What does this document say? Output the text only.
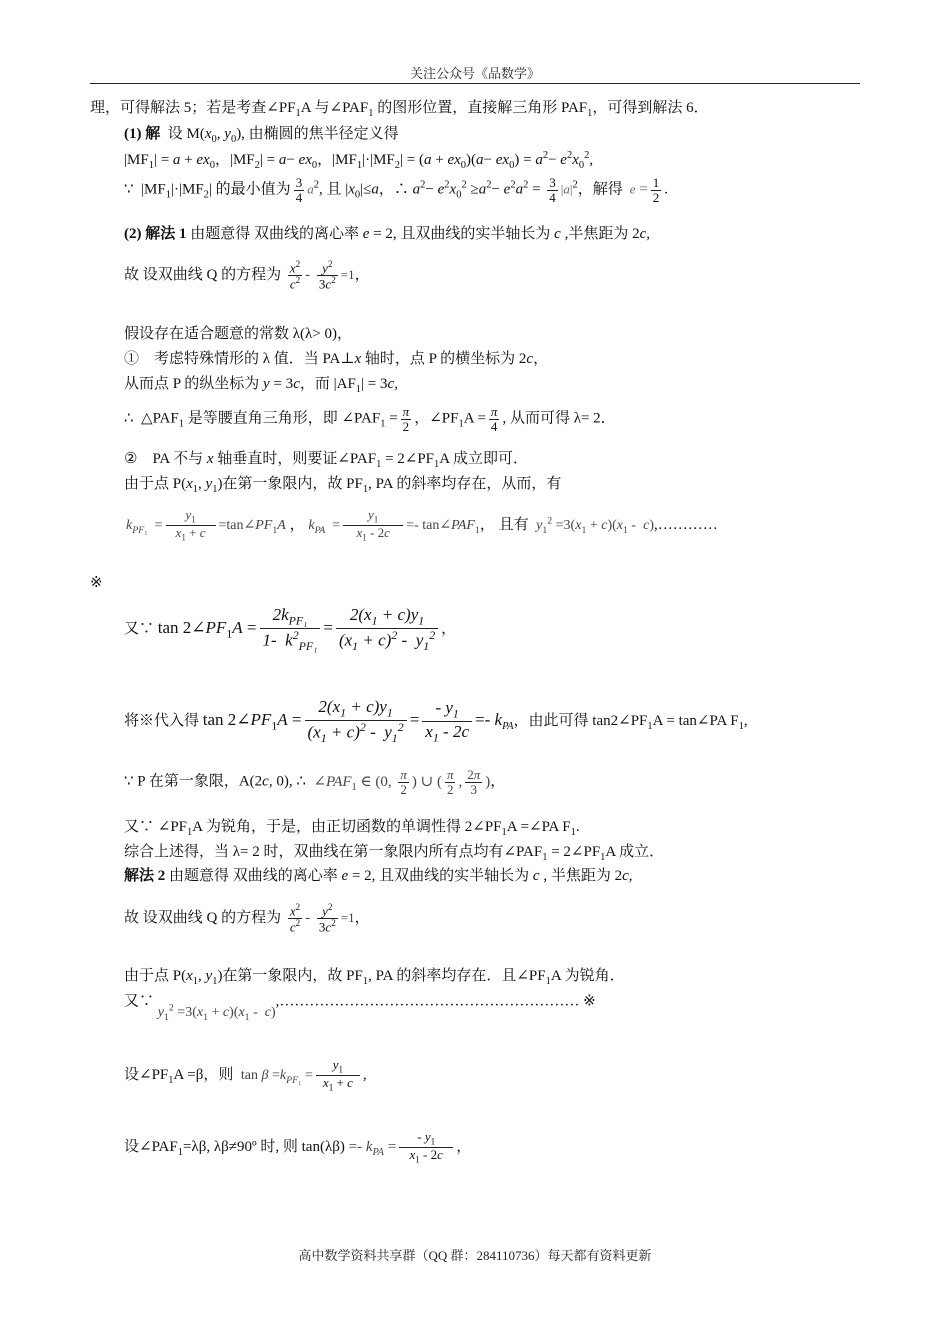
关注公众号《品数学》
理，可得解法 5；若是考查$\angle PF_1A$ 与$\angle PAF_1$ 的图形位置，直接解三角形 $PAF_1$，可得到解法 6．
(1) 解  设 $M(x_0$, $y_0$), 由椭圆的焦半径定义得
$|MF_1| = a + ex_0$，$|MF_2| = a- ex_0$，$|MF_1|\cdot|MF_2| = (a + ex_0)(a- ex_0) = a^2- e^2x_0^2$,
∵  $|MF_1|\cdot|MF_2|$ 的最小值为 $\frac{3}{4} a^2$, 且 $|x_0|\le a$，∴ $a^2- e^2x_0^2 \ge a^2- e^2a^2 = \frac{3}{4} |a|^2$，解得  $e = \frac{1}{2}$ .
(2) 解法 1 由题意得 双曲线的离心率 e = 2, 且双曲线的实半轴长为 c ,半焦距为 2c,
故 设双曲线 Q 的方程为 $\frac{x^2}{c^2} - \frac{y^2}{3c^2} =1$，
假设存在适合题意的常数 λ(λ> 0)，
①    考虑特殊情形的 λ 值．当 PA⊥x 轴时，点 P 的横坐标为 2c，
从而点 P 的纵坐标为 y = 3c，而 $|AF_1| = 3c$,
∴  $\triangle PAF_1$ 是等腰直角三角形，即 $\angle PAF_1 = \frac{\pi}{2}$ ，$\angle PF_1A = \frac{\pi}{4}$ , 从而可得 λ= 2．
②    PA 不与 x 轴垂直时，则要证$\angle PAF_1$ = $2\angle PF_1A$ 成立即可．
由于点 $P(x_1$, $y_1$)在第一象限内，故 $PF_1$, PA 的斜率均存在，从而，有
$k_{PF_1} = \frac{y_1}{x_1 + c}$ $=\tan\angle PF_1A$ ， $k_{PA} = \frac{y_1}{x_1 - 2c}$ =- $\tan\angle PAF_1$， 且有  $y_1^2 =3(x_1 + c)(x_1$ -  c),…………
※
又∵ $\tan 2\angle PF_1A$ =
$2k_{PF_1}$
1-  $k^2_{PF_1}$
= $\frac{2(x_1 + c)y_1}{(x_1 + c)^2 - y_1^2}$ ，
将※代入得 $\tan 2\angle PF_1A = \frac{2(x_1 + c)y_1}{(x_1 + c)^2 - y_1^2} = \frac{- y_1}{x_1 - 2c} =- k_{PA}$，由此可得 $\tan 2\angle PF_1A$ = tan∠PA $F_1$,
∵ P 在第一象限，A(2c, 0), ∴  $\angle PAF_1$ ∈ (0, $\frac{\pi}{2}$ ) ∪ ( $\frac{\pi}{2}$ , $\frac{2\pi}{3}$ )，
又∵ $\angle PF_1A$ 为锐角，于是，由正切函数的单调性得 $2\angle PF_1A$ =∠PA $F_1$.
综合上述得，当 λ= 2 时，双曲线在第一象限内所有点均有$\angle PAF_1$ = $2\angle PF_1A$ 成立．
解法 2 由题意得 双曲线的离心率 e = 2, 且双曲线的实半轴长为 c , 半焦距为 2c,
故 设双曲线 Q 的方程为 $\frac{x^2}{c^2} - \frac{y^2}{3c^2} =1$，
由于点 $P(x_1$, $y_1$)在第一象限内，故 $PF_1$, PA 的斜率均存在．且$\angle PF_1A$ 为锐角．
又∵ $y_1^2 =3(x_1 + c)(x_1$ -  c),…………………………………………………… ※
设$\angle PF_1A =\beta$，则  $\tan \beta =k_{PF_1} = \frac{y_1}{x_1 + c}$ ,
设$\angle PAF_1=\lambda\beta$, λβ≠90º 时, 则 $\tan(\lambda\beta) =- k_{PA} = \frac{- y_1}{x_1 - 2c}$ ，
高中数学资料共享群（QQ 群：284110736）每天都有资料更新
